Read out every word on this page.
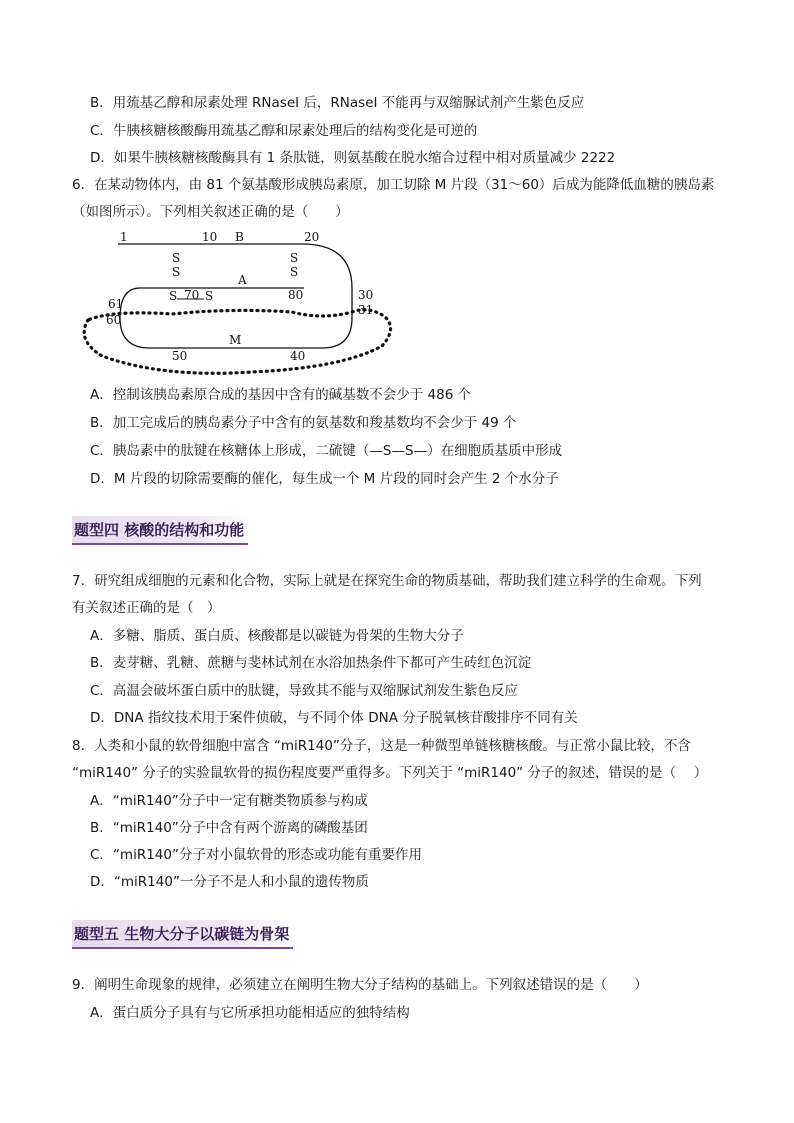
B．用巯基乙醇和尿素处理 RNaseI 后，RNaseI 不能再与双缩脲试剂产生紫色反应
C．牛胰核糖核酸酶用巯基乙醇和尿素处理后的结构变化是可逆的
D．如果牛胰核糖核酸酶具有 1 条肽链，则氨基酸在脱水缩合过程中相对质量减少 2222
6．在某动物体内，由 81 个氨基酸形成胰岛素原，加工切除 M 片段（31～60）后成为能降低血糖的胰岛素
（如图所示）。下列相关叙述正确的是（　　）
S
S
S
S
S S
1	10 B	20
A
70	80
61
60
30
31
M
50	40
A．控制该胰岛素原合成的基因中含有的碱基数不会少于 486 个
B．加工完成后的胰岛素分子中含有的氨基数和羧基数均不会少于 49 个
C．胰岛素中的肽键在核糖体上形成，二硫键（—S—S—）在细胞质基质中形成
D．M 片段的切除需要酶的催化，每生成一个 M 片段的同时会产生 2 个水分子
题型四 核酸的结构和功能
7．研究组成细胞的元素和化合物，实际上就是在探究生命的物质基础，帮助我们建立科学的生命观。下列
有关叙述正确的是（　）
A．多糖、脂质、蛋白质、核酸都是以碳链为骨架的生物大分子
B．麦芽糖、乳糖、蔗糖与斐林试剂在水浴加热条件下都可产生砖红色沉淀
C．高温会破坏蛋白质中的肽键，导致其不能与双缩脲试剂发生紫色反应
D．DNA 指纹技术用于案件侦破，与不同个体 DNA 分子脱氧核苷酸排序不同有关
8．人类和小鼠的软骨细胞中富含 “miR140”分子，这是一种微型单链核糖核酸。与正常小鼠比较，不含
“miR140” 分子的实验鼠软骨的损伤程度要严重得多。下列关于 “miR140” 分子的叙述，错误的是（　 ）
A．“miR140”分子中一定有糖类物质参与构成
B．“miR140”分子中含有两个游离的磷酸基团
C．“miR140”分子对小鼠软骨的形态或功能有重要作用
D．“miR140”一分子不是人和小鼠的遗传物质
题型五 生物大分子以碳链为骨架
9．阐明生命现象的规律，必须建立在阐明生物大分子结构的基础上。下列叙述错误的是（　　）
A．蛋白质分子具有与它所承担功能相适应的独特结构
